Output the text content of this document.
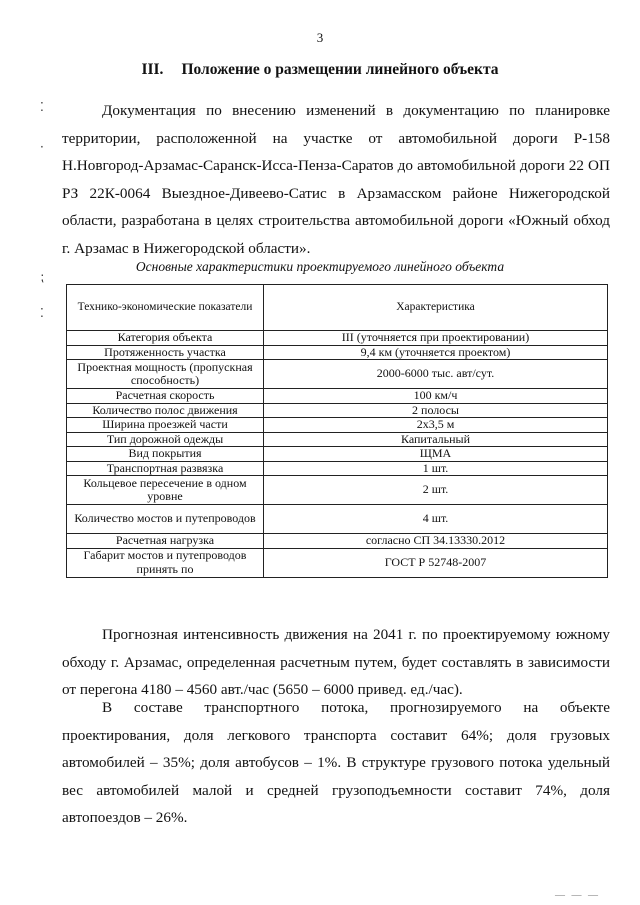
3
III. Положение о размещении линейного объекта
⁚
·
⁏
⁚

Документация по внесению изменений в документацию по планировке территории, расположенной на участке от автомобильной дороги Р-158 Н.Новгород-Арзамас-Саранск-Исса-Пенза-Саратов до автомобильной дороги 22 ОП РЗ 22К-0064 Выездное-Дивеево-Сатис в Арзамасском районе Нижегородской области, разработана в целях строительства автомобильной дороги «Южный обход г. Арзамас в Нижегородской области».

Основные характеристики проектируемого линейного объекта
Технико-экономические показатели	Характеристика
Категория объекта	III (уточняется при проектировании)
Протяженность участка	9,4 км (уточняется проектом)
Проектная мощность (пропускная способность)	2000-6000 тыс. авт/сут.
Расчетная скорость	100 км/ч
Количество полос движения	2 полосы
Ширина проезжей части	2х3,5 м
Тип дорожной одежды	Капитальный
Вид покрытия	ЩМА
Транспортная развязка	1 шт.
Кольцевое пересечение в одном уровне	2 шт.
Количество мостов и путепроводов	4 шт.
Расчетная нагрузка	согласно СП 34.13330.2012
Габарит мостов и путепроводов принять по	ГОСТ Р 52748-2007

Прогнозная интенсивность движения на 2041 г. по проектируемому южному обходу г. Арзамас, определенная расчетным путем, будет составлять в зависимости от перегона 4180 – 4560 авт./час (5650 – 6000 привед. ед./час).

В составе транспортного потока, прогнозируемого на объекте проектирования, доля легкового транспорта составит 64%; доля грузовых автомобилей – 35%; доля автобусов – 1%. В структуре грузового потока удельный вес автомобилей малой и средней грузоподъемности составит 74%, доля автопоездов – 26%.

— — —
